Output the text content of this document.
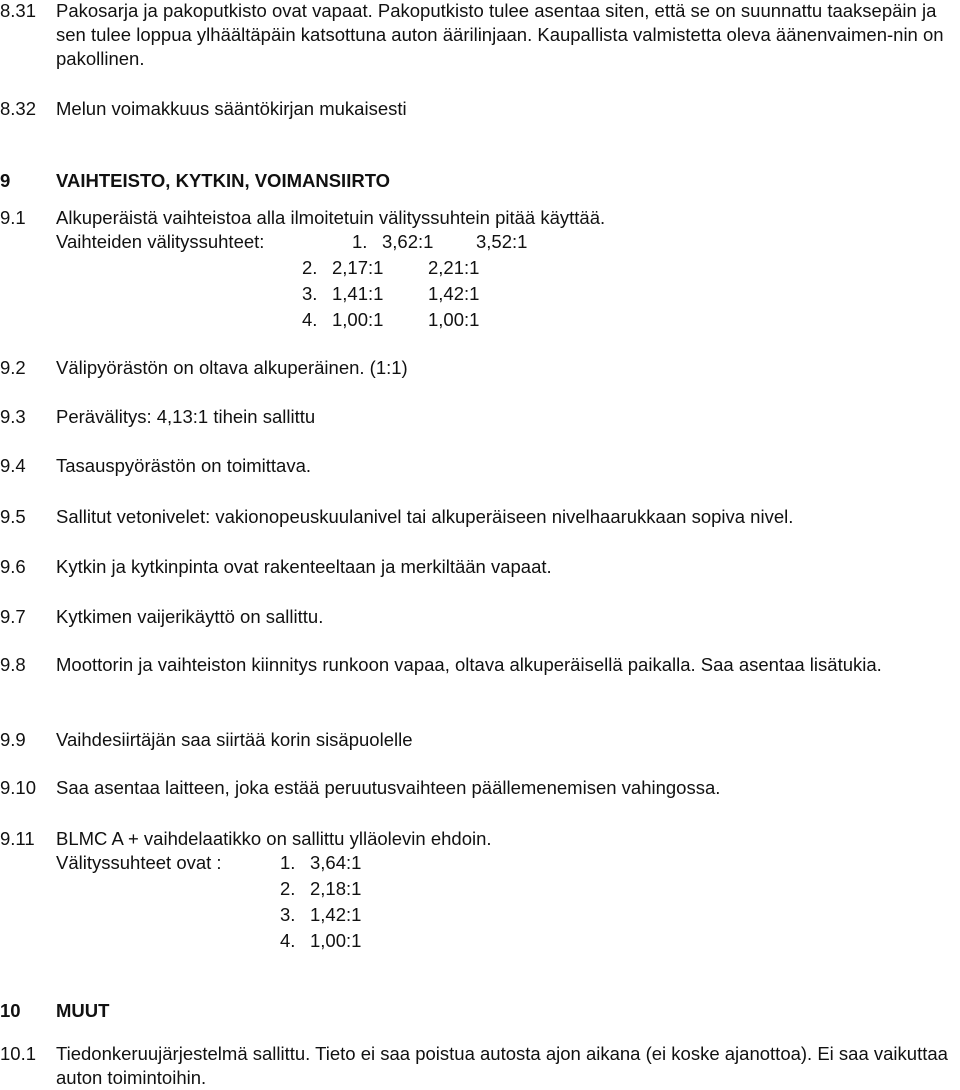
8.31 Pakosarja ja pakoputkisto ovat vapaat. Pakoputkisto tulee asentaa siten, että se on suunnattu taaksepäin ja sen tulee loppua ylhäältäpäin katsottuna auton äärilinjaan. Kaupallista valmistetta oleva äänenvaimen-nin on pakollinen.
8.32 Melun voimakkuus sääntökirjan mukaisesti
9 VAIHTEISTO, KYTKIN, VOIMANSIIRTO
9.1 Alkuperäistä vaihteistoa alla ilmoitetuin välityssuhtein pitää käyttää.
Vaihteiden välityssuhteet:	1. 3,62:1 3,52:1
2. 2,17:1 2,21:1
3. 1,41:1 1,42:1
4. 1,00:1 1,00:1
9.2 Välipyörästön on oltava alkuperäinen. (1:1)
9.3 Perävälitys: 4,13:1 tihein sallittu
9.4 Tasauspyörästön on toimittava.
9.5 Sallitut vetonivelet: vakionopeuskuulanivel tai alkuperäiseen nivelhaarukkaan sopiva nivel.
9.6 Kytkin ja kytkinpinta ovat rakenteeltaan ja merkiltään vapaat.
9.7 Kytkimen vaijerikäyttö on sallittu.
9.8 Moottorin ja vaihteiston kiinnitys runkoon vapaa, oltava alkuperäisellä paikalla. Saa asentaa lisätukia.
9.9 Vaihdesiirtäjän saa siirtää korin sisäpuolelle
9.10 Saa asentaa laitteen, joka estää peruutusvaihteen päällemenemisen vahingossa.
9.11 BLMC A + vaihdelaatikko on sallittu ylläolevin ehdoin.
Välityssuhteet ovat :	1. 3,64:1
2. 2,18:1
3. 1,42:1
4. 1,00:1
10 MUUT
10.1 Tiedonkeruujärjestelmä sallittu. Tieto ei saa poistua autosta ajon aikana (ei koske ajanottoa). Ei saa vaikuttaa auton toimintoihin.
